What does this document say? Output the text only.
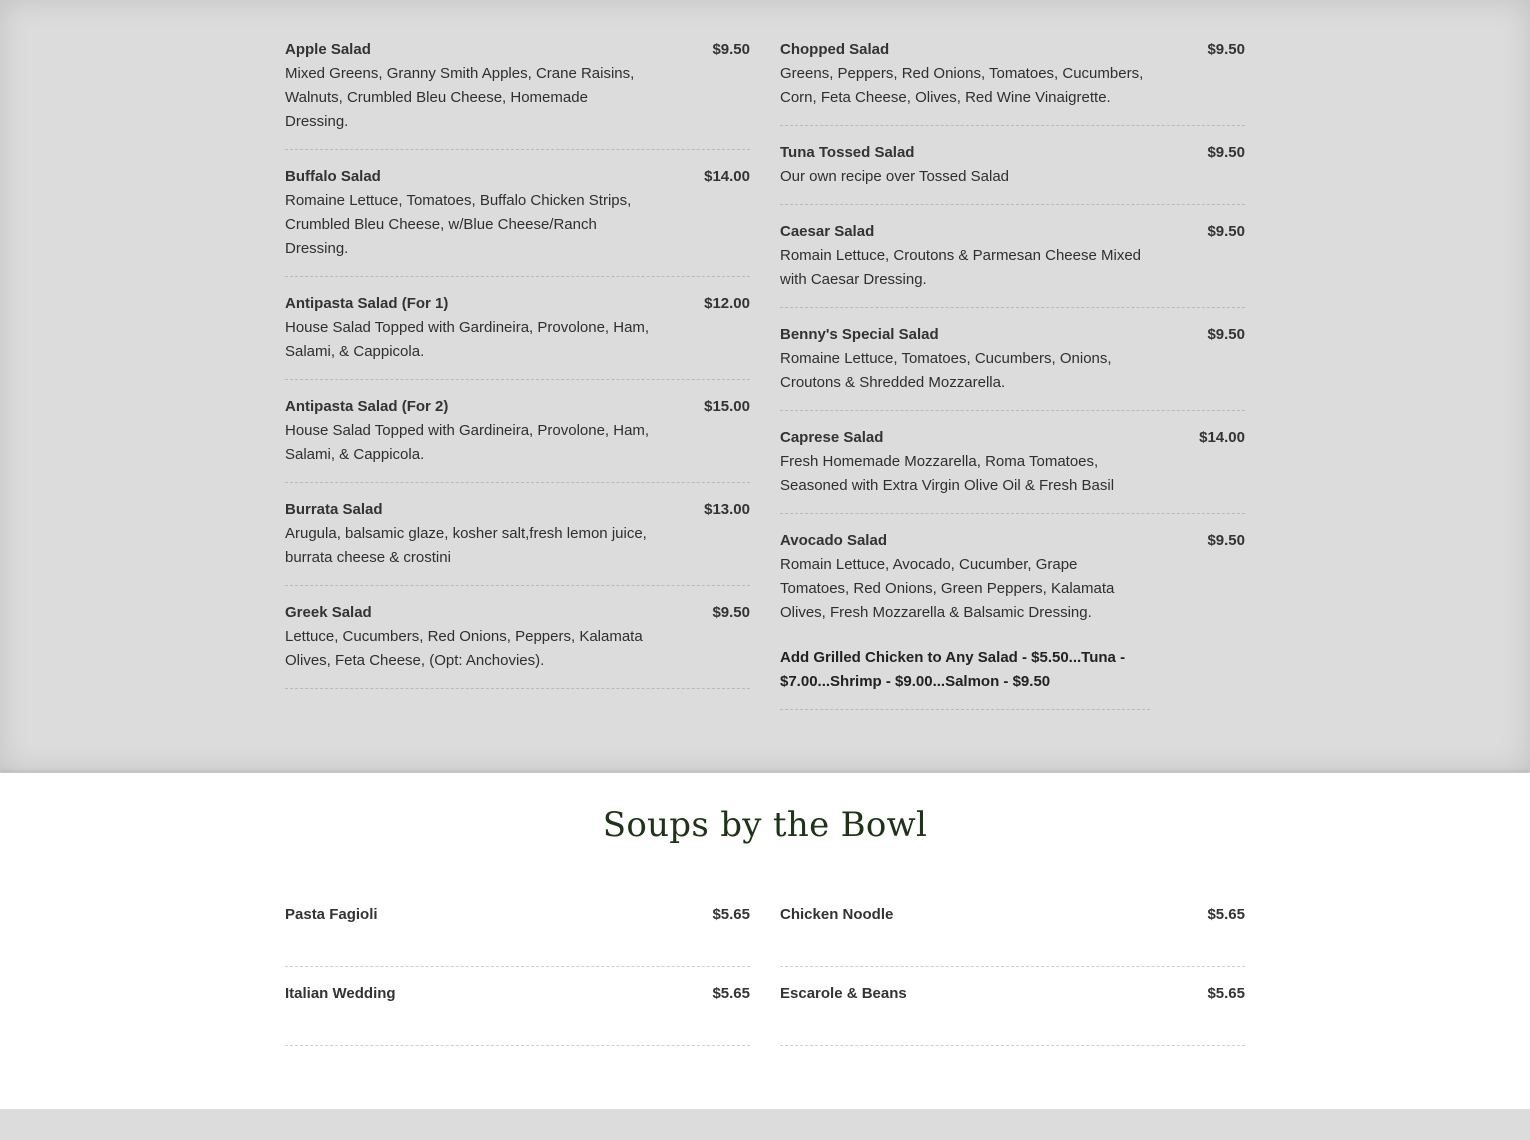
Apple Salad	$9.50
Mixed Greens, Granny Smith Apples, Crane Raisins, Walnuts, Crumbled Bleu Cheese, Homemade Dressing.
Buffalo Salad	$14.00
Romaine Lettuce, Tomatoes, Buffalo Chicken Strips, Crumbled Bleu Cheese, w/Blue Cheese/Ranch Dressing.
Antipasta Salad (For 1)	$12.00
House Salad Topped with Gardineira, Provolone, Ham, Salami, & Cappicola.
Antipasta Salad (For 2)	$15.00
House Salad Topped with Gardineira, Provolone, Ham, Salami, & Cappicola.
Burrata Salad	$13.00
Arugula, balsamic glaze, kosher salt,fresh lemon juice, burrata cheese & crostini
Greek Salad	$9.50
Lettuce, Cucumbers, Red Onions, Peppers, Kalamata Olives, Feta Cheese, (Opt: Anchovies).
Chopped Salad	$9.50
Greens, Peppers, Red Onions, Tomatoes, Cucumbers, Corn, Feta Cheese, Olives, Red Wine Vinaigrette.
Tuna Tossed Salad	$9.50
Our own recipe over Tossed Salad
Caesar Salad	$9.50
Romain Lettuce, Croutons & Parmesan Cheese Mixed with Caesar Dressing.
Benny's Special Salad	$9.50
Romaine Lettuce, Tomatoes, Cucumbers, Onions, Croutons & Shredded Mozzarella.
Caprese Salad	$14.00
Fresh Homemade Mozzarella, Roma Tomatoes, Seasoned with Extra Virgin Olive Oil & Fresh Basil
Avocado Salad	$9.50
Romain Lettuce, Avocado, Cucumber, Grape Tomatoes, Red Onions, Green Peppers, Kalamata Olives, Fresh Mozzarella & Balsamic Dressing.
Add Grilled Chicken to Any Salad - $5.50...Tuna - $7.00...Shrimp - $9.00...Salmon - $9.50
Soups by the Bowl
Pasta Fagioli	$5.65
Italian Wedding	$5.65
Chicken Noodle	$5.65
Escarole & Beans	$5.65
